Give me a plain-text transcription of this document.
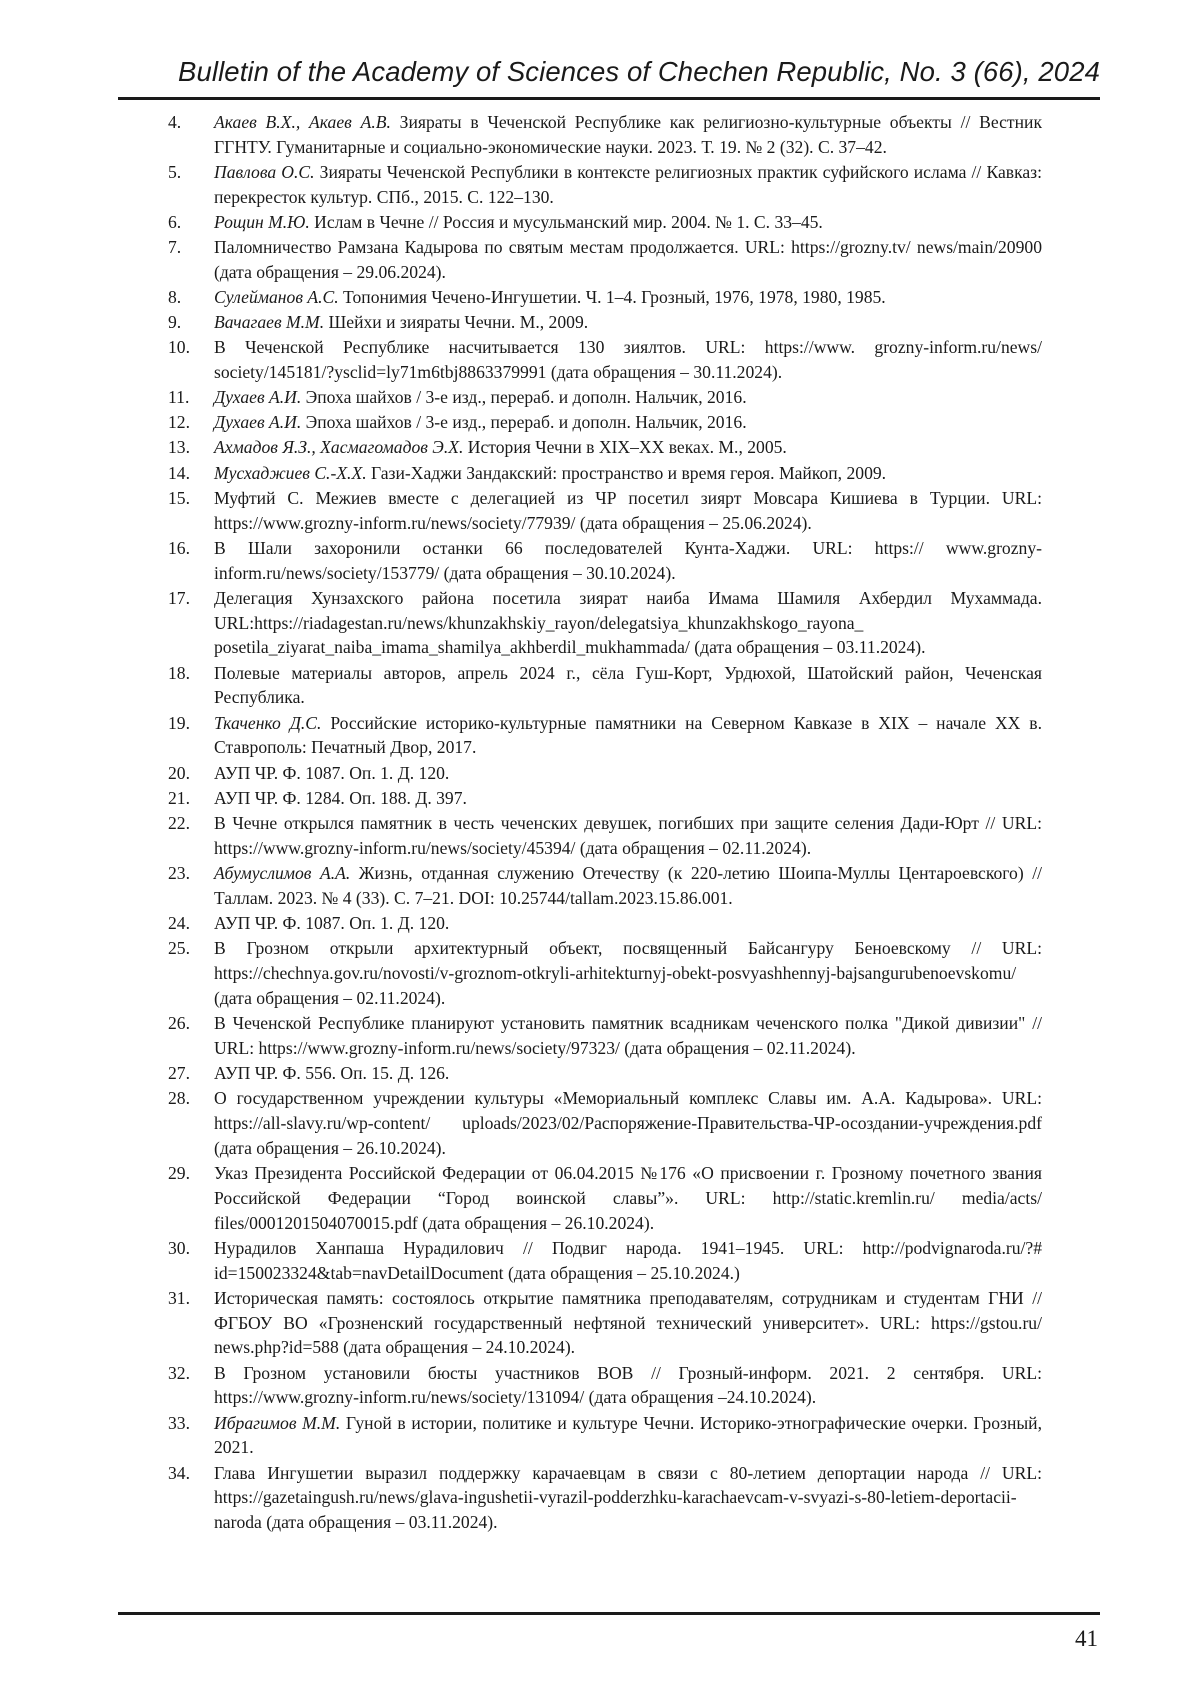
Bulletin of the Academy of Sciences of Chechen Republic, No. 3 (66), 2024
4.	Акаев В.Х., Акаев А.В. Зияраты в Чеченской Республике как религиозно-культурные объекты // Вестник ГГНТУ. Гуманитарные и социально-экономические науки. 2023. Т. 19. № 2 (32). С. 37–42.
5.	Павлова О.С. Зияраты Чеченской Республики в контексте религиозных практик суфийского ислама // Кавказ: перекресток культур. СПб., 2015. С. 122–130.
6.	Рощин М.Ю. Ислам в Чечне // Россия и мусульманский мир. 2004. № 1. С. 33–45.
7.	Паломничество Рамзана Кадырова по святым местам продолжается. URL: https://grozny.tv/ news/main/20900 (дата обращения – 29.06.2024).
8.	Сулейманов А.С. Топонимия Чечено-Ингушетии. Ч. 1–4. Грозный, 1976, 1978, 1980, 1985.
9.	Вачагаев М.М. Шейхи и зияраты Чечни. М., 2009.
10.	В Чеченской Республике насчитывается 130 зиялтов. URL: https://www. grozny-inform.ru/news/ society/145181/?ysclid=ly71m6tbj8863379991 (дата обращения – 30.11.2024).
11.	Духаев А.И. Эпоха шайхов / 3-е изд., перераб. и дополн. Нальчик, 2016.
12.	Духаев А.И. Эпоха шайхов / 3-е изд., перераб. и дополн. Нальчик, 2016.
13.	Ахмадов Я.З., Хасмагомадов Э.Х. История Чечни в XIX–XX веках. М., 2005.
14.	Мусхаджиев С.-Х.Х. Гази-Хаджи Зандакский: пространство и время героя. Майкоп, 2009.
15.	Муфтий С. Межиев вместе с делегацией из ЧР посетил зиярт Мовсара Кишиева в Турции. URL: https://www.grozny-inform.ru/news/society/77939/ (дата обращения – 25.06.2024).
16.	В Шали захоронили останки 66 последователей Кунта-Хаджи. URL: https:// www.grozny-inform.ru/news/society/153779/ (дата обращения – 30.10.2024).
17.	Делегация Хунзахского района посетила зиярат наиба Имама Шамиля Ахбердил Мухаммада. URL:https://riadagestan.ru/news/khunzakhskiy_rayon/delegatsiya_khunzakhskogo_rayona_ posetila_ziyarat_naiba_imama_shamilya_akhberdil_mukhammada/ (дата обращения – 03.11.2024).
18.	Полевые материалы авторов, апрель 2024 г., сёла Гуш-Корт, Урдюхой, Шатойский район, Чеченская Республика.
19.	Ткаченко Д.С. Российские историко-культурные памятники на Северном Кавказе в XIX – начале XX в. Ставрополь: Печатный Двор, 2017.
20.	АУП ЧР. Ф. 1087. Оп. 1. Д. 120.
21.	АУП ЧР. Ф. 1284. Оп. 188. Д. 397.
22.	В Чечне открылся памятник в честь чеченских девушек, погибших при защите селения Дади-Юрт // URL: https://www.grozny-inform.ru/news/society/45394/ (дата обращения – 02.11.2024).
23.	Абумуслимов А.А. Жизнь, отданная служению Отечеству (к 220-летию Шоипа-Муллы Центароевского) // Таллам. 2023. № 4 (33). С. 7–21. DOI: 10.25744/tallam.2023.15.86.001.
24.	АУП ЧР. Ф. 1087. Оп. 1. Д. 120.
25.	В Грозном открыли архитектурный объект, посвященный Байсангуру Беноевскому // URL: https://chechnya.gov.ru/novosti/v-groznom-otkryli-arhitekturnyj-obekt-posvyashhennyj-bajsangurubenoevskomu/ (дата обращения – 02.11.2024).
26.	В Чеченской Республике планируют установить памятник всадникам чеченского полка "Дикой дивизии" // URL: https://www.grozny-inform.ru/news/society/97323/ (дата обращения – 02.11.2024).
27.	АУП ЧР. Ф. 556. Оп. 15. Д. 126.
28.	О государственном учреждении культуры «Мемориальный комплекс Славы им. А.А. Кадырова». URL: https://all-slavy.ru/wp-content/ uploads/2023/02/Распоряжение-Правительства-ЧР-осоздании-учреждения.pdf (дата обращения – 26.10.2024).
29.	Указ Президента Российской Федерации от 06.04.2015 №176 «О присвоении г. Грозному почетного звания Российской Федерации “Город воинской славы”». URL: http://static.kremlin.ru/ media/acts/ files/0001201504070015.pdf (дата обращения – 26.10.2024).
30.	Нурадилов Ханпаша Нурадилович // Подвиг народа. 1941–1945. URL: http://podvignaroda.ru/?# id=150023324&tab=navDetailDocument (дата обращения – 25.10.2024.)
31.	Историческая память: состоялось открытие памятника преподавателям, сотрудникам и студентам ГНИ // ФГБОУ ВО «Грозненский государственный нефтяной технический университет». URL: https://gstou.ru/ news.php?id=588 (дата обращения – 24.10.2024).
32.	В Грозном установили бюсты участников ВОВ // Грозный-информ. 2021. 2 сентября. URL: https://www.grozny-inform.ru/news/society/131094/ (дата обращения –24.10.2024).
33.	Ибрагимов М.М. Гуной в истории, политике и культуре Чечни. Историко-этнографические очерки. Грозный, 2021.
34.	Глава Ингушетии выразил поддержку карачаевцам в связи с 80-летием депортации народа // URL: https://gazetaingush.ru/news/glava-ingushetii-vyrazil-podderzhku-karachaevcam-v-svyazi-s-80-letiem-deportacii-naroda (дата обращения – 03.11.2024).
41
